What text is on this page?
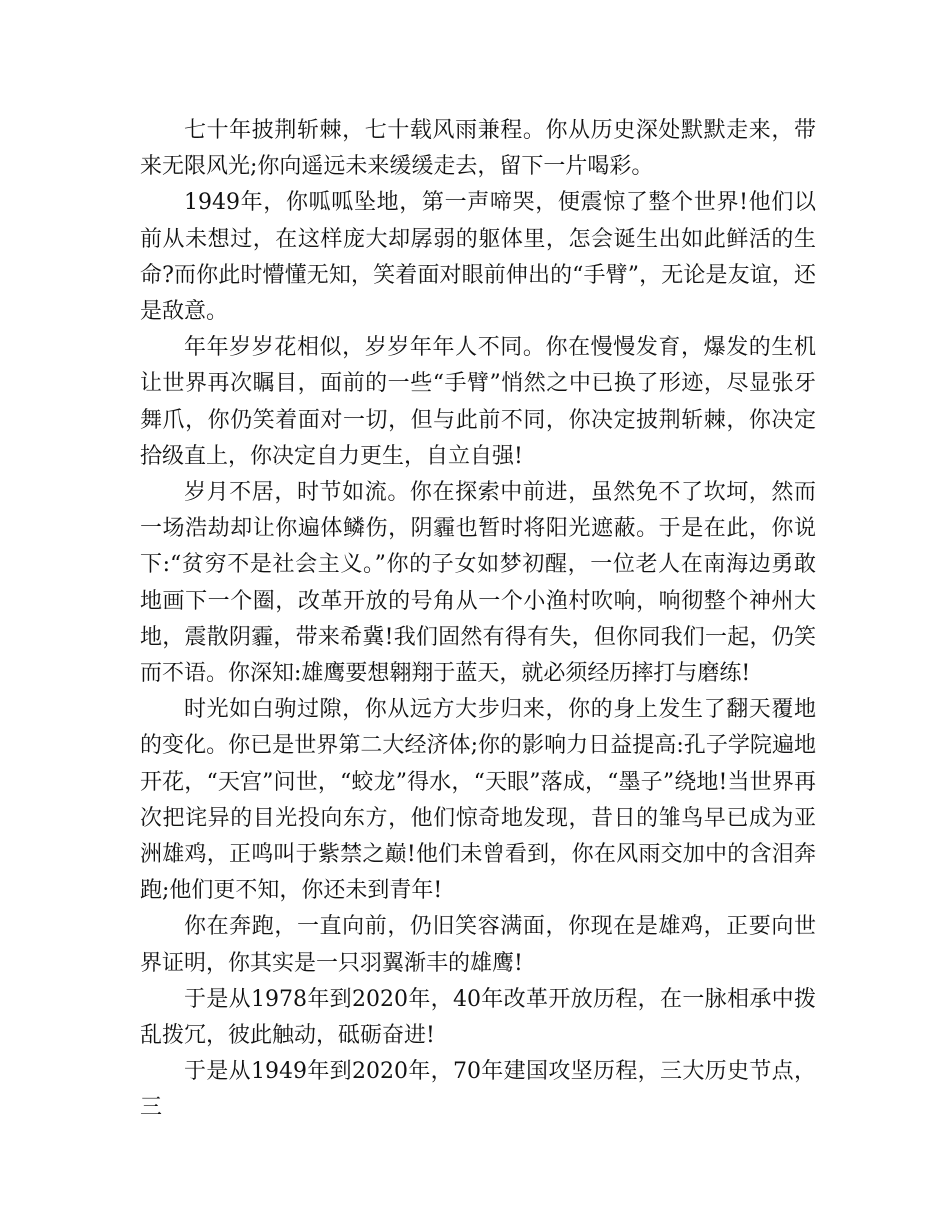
七十年披荆斩棘，七十载风雨兼程。你从历史深处默默走来，带来无限风光;你向遥远未来缓缓走去，留下一片喝彩。

1949年，你呱呱坠地，第一声啼哭，便震惊了整个世界!他们以前从未想过，在这样庞大却孱弱的躯体里，怎会诞生出如此鲜活的生命?而你此时懵懂无知，笑着面对眼前伸出的“手臂”，无论是友谊，还是敌意。

年年岁岁花相似，岁岁年年人不同。你在慢慢发育，爆发的生机让世界再次瞩目，面前的一些“手臂”悄然之中已换了形迹，尽显张牙舞爪，你仍笑着面对一切，但与此前不同，你决定披荆斩棘，你决定拾级直上，你决定自力更生，自立自强!

岁月不居，时节如流。你在探索中前进，虽然免不了坎坷，然而一场浩劫却让你遍体鳞伤，阴霾也暂时将阳光遮蔽。于是在此，你说下:“贫穷不是社会主义。”你的子女如梦初醒，一位老人在南海边勇敢地画下一个圈，改革开放的号角从一个小渔村吹响，响彻整个神州大地，震散阴霾，带来希冀!我们固然有得有失，但你同我们一起，仍笑而不语。你深知:雄鹰要想翱翔于蓝天，就必须经历摔打与磨练!

时光如白驹过隙，你从远方大步归来，你的身上发生了翻天覆地的变化。你已是世界第二大经济体;你的影响力日益提高:孔子学院遍地开花，“天宫”问世，“蛟龙”得水，“天眼”落成，“墨子”绕地!当世界再次把诧异的目光投向东方，他们惊奇地发现，昔日的雏鸟早已成为亚洲雄鸡，正鸣叫于紫禁之巅!他们未曾看到，你在风雨交加中的含泪奔跑;他们更不知，你还未到青年!

你在奔跑，一直向前，仍旧笑容满面，你现在是雄鸡，正要向世界证明，你其实是一只羽翼渐丰的雄鹰!

于是从1978年到2020年，40年改革开放历程，在一脉相承中拨乱拨冗，彼此触动，砥砺奋进!

于是从1949年到2020年，70年建国攻坚历程，三大历史节点，三
